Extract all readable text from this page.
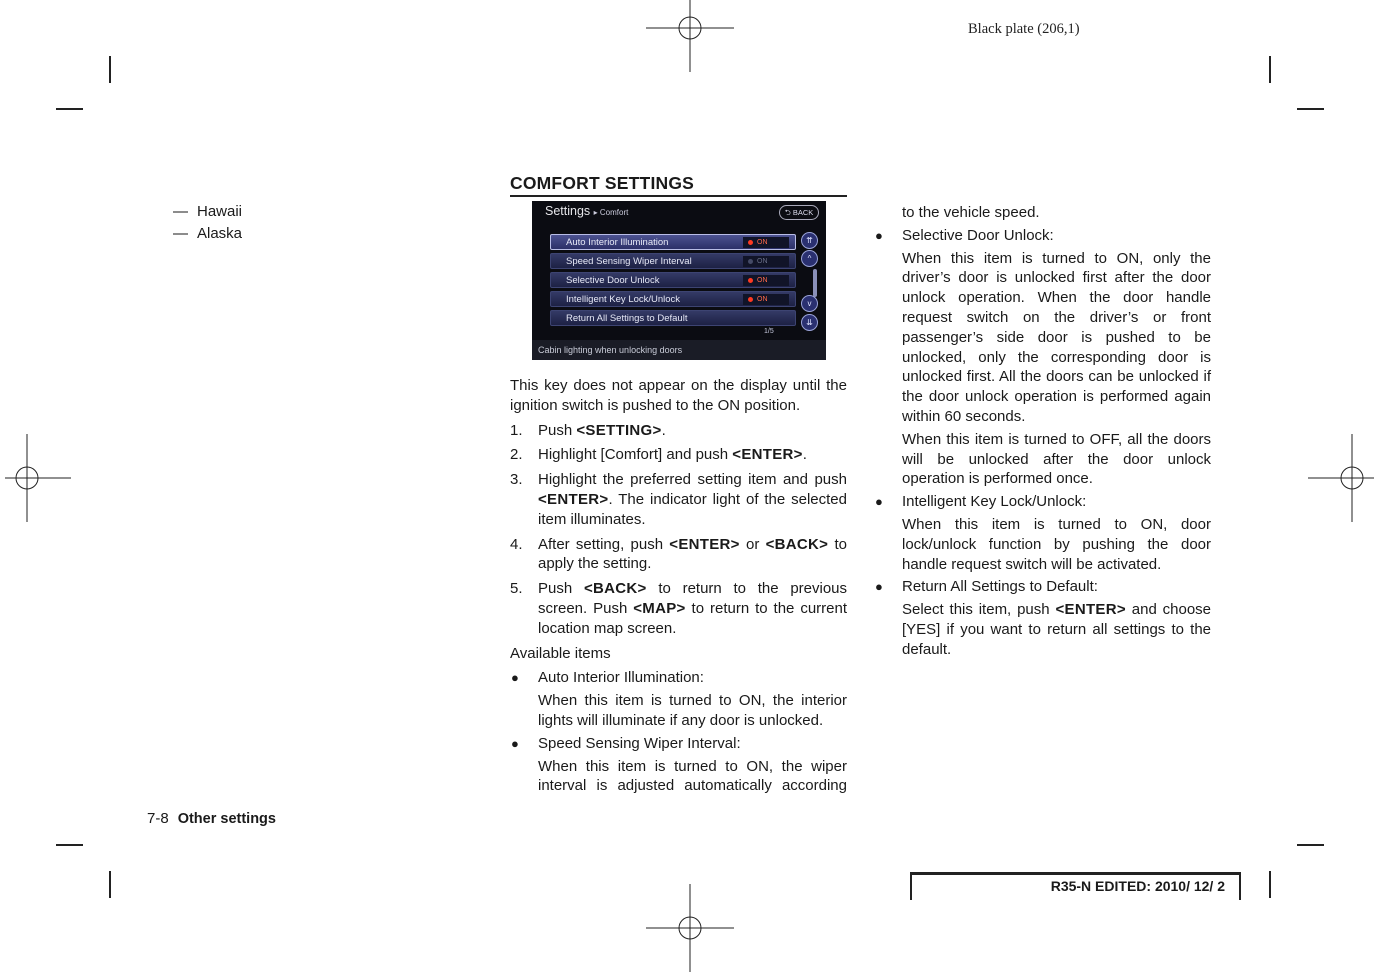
Black plate (206,1)
— Hawaii
— Alaska
COMFORT SETTINGS
Settings ▸ Comfort	⮌ BACK
Auto Interior Illumination	ON
Speed Sensing Wiper Interval	ON
Selective Door Unlock	ON
Intelligent Key Lock/Unlock	ON
Return All Settings to Default
⇈
^
v
⇊
1/5
Cabin lighting when unlocking doors

This key does not appear on the display until the ignition switch is pushed to the ON position.

1. Push <SETTING>.
2. Highlight [Comfort] and push <ENTER>.
3. Highlight the preferred setting item and push <ENTER>. The indicator light of the selected item illuminates.
4. After setting, push <ENTER> or <BACK> to apply the setting.
5. Push <BACK> to return to the previous screen. Push <MAP> to return to the current location map screen.

Available items

● Auto Interior Illumination:
When this item is turned to ON, the interior lights will illuminate if any door is unlocked.
● Speed Sensing Wiper Interval:
When this item is turned to ON, the wiper interval is adjusted automatically according
to the vehicle speed.
● Selective Door Unlock:
When this item is turned to ON, only the driver’s door is unlocked first after the door unlock operation. When the door handle request switch on the driver’s or front passenger’s side door is pushed to be unlocked, only the corresponding door is unlocked first. All the doors can be unlocked if the door unlock operation is performed again within 60 seconds.
When this item is turned to OFF, all the doors will be unlocked after the door unlock operation is performed once.
● Intelligent Key Lock/Unlock:
When this item is turned to ON, door lock/unlock function by pushing the door handle request switch will be activated.
● Return All Settings to Default:
Select this item, push <ENTER> and choose [YES] if you want to return all settings to the default.
7-8 Other settings
R35-N EDITED: 2010/ 12/ 2
